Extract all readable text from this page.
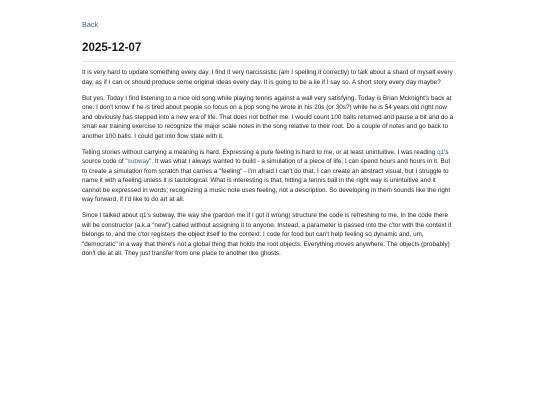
Back
2025-12-07

It is very hard to update something every day. I find it very narcissistic (am I spelling it correctly) to talk about a shard of myself every day, as if I can or should produce some original ideas every day. It is going to be a lie if I say so. A short story every day maybe?

But yes. Today I find listening to a nice old song while playing tennis against a wall very satisfying. Today is Brian Mcknight's back at one. I don't know if he is tired about people so focus on a pop song he wrote in his 20s (or 30s?) while he is 54 years old right now and obviously has stepped into a new era of life. That does not bother me. I would count 100 balls returned and pause a bit and do a small ear training exercise to recognize the major scale notes in the song relative to their root. Do a couple of notes and go back to another 100 balls. I could get into flow state with it.

Telling stories without carrying a meaning is hard. Expressing a pure feeling is hard to me, or at least unintuitive. I was reading q1's source code of "subway". It was what I always wanted to build - a simulation of a piece of life. I can spend hours and hours in it. But to create a simulation from scratch that carries a "feeling" - I'm afraid I can't do that. I can create an abstract visual, but I struggle to name it with a feeling unless it is tautological. What is interesting is that, hitting a tennis ball in the right way is unintuitive and it cannot be expressed in words; recognizing a music note uses feeling, not a description. So developing in them sounds like the right way forward, if I'd like to do art at all.

Since I talked about q1's subway, the way she (pardon me if I got it wrong) structure the code is refreshing to me. In the code there will be constructor (a.k.a "new") called without assigning it to anyone. Instead, a parameter is passed into the c'tor with the context it belongs to, and the c'tor registers the object itself to the context. I code for food but can't help feeling so dynamic and, um, "democratic" in a way that there's not a global thing that holds the root objects. Everything moves anywhere. The objects (probably) don't die at all. They just transfer from one place to another like ghosts.
